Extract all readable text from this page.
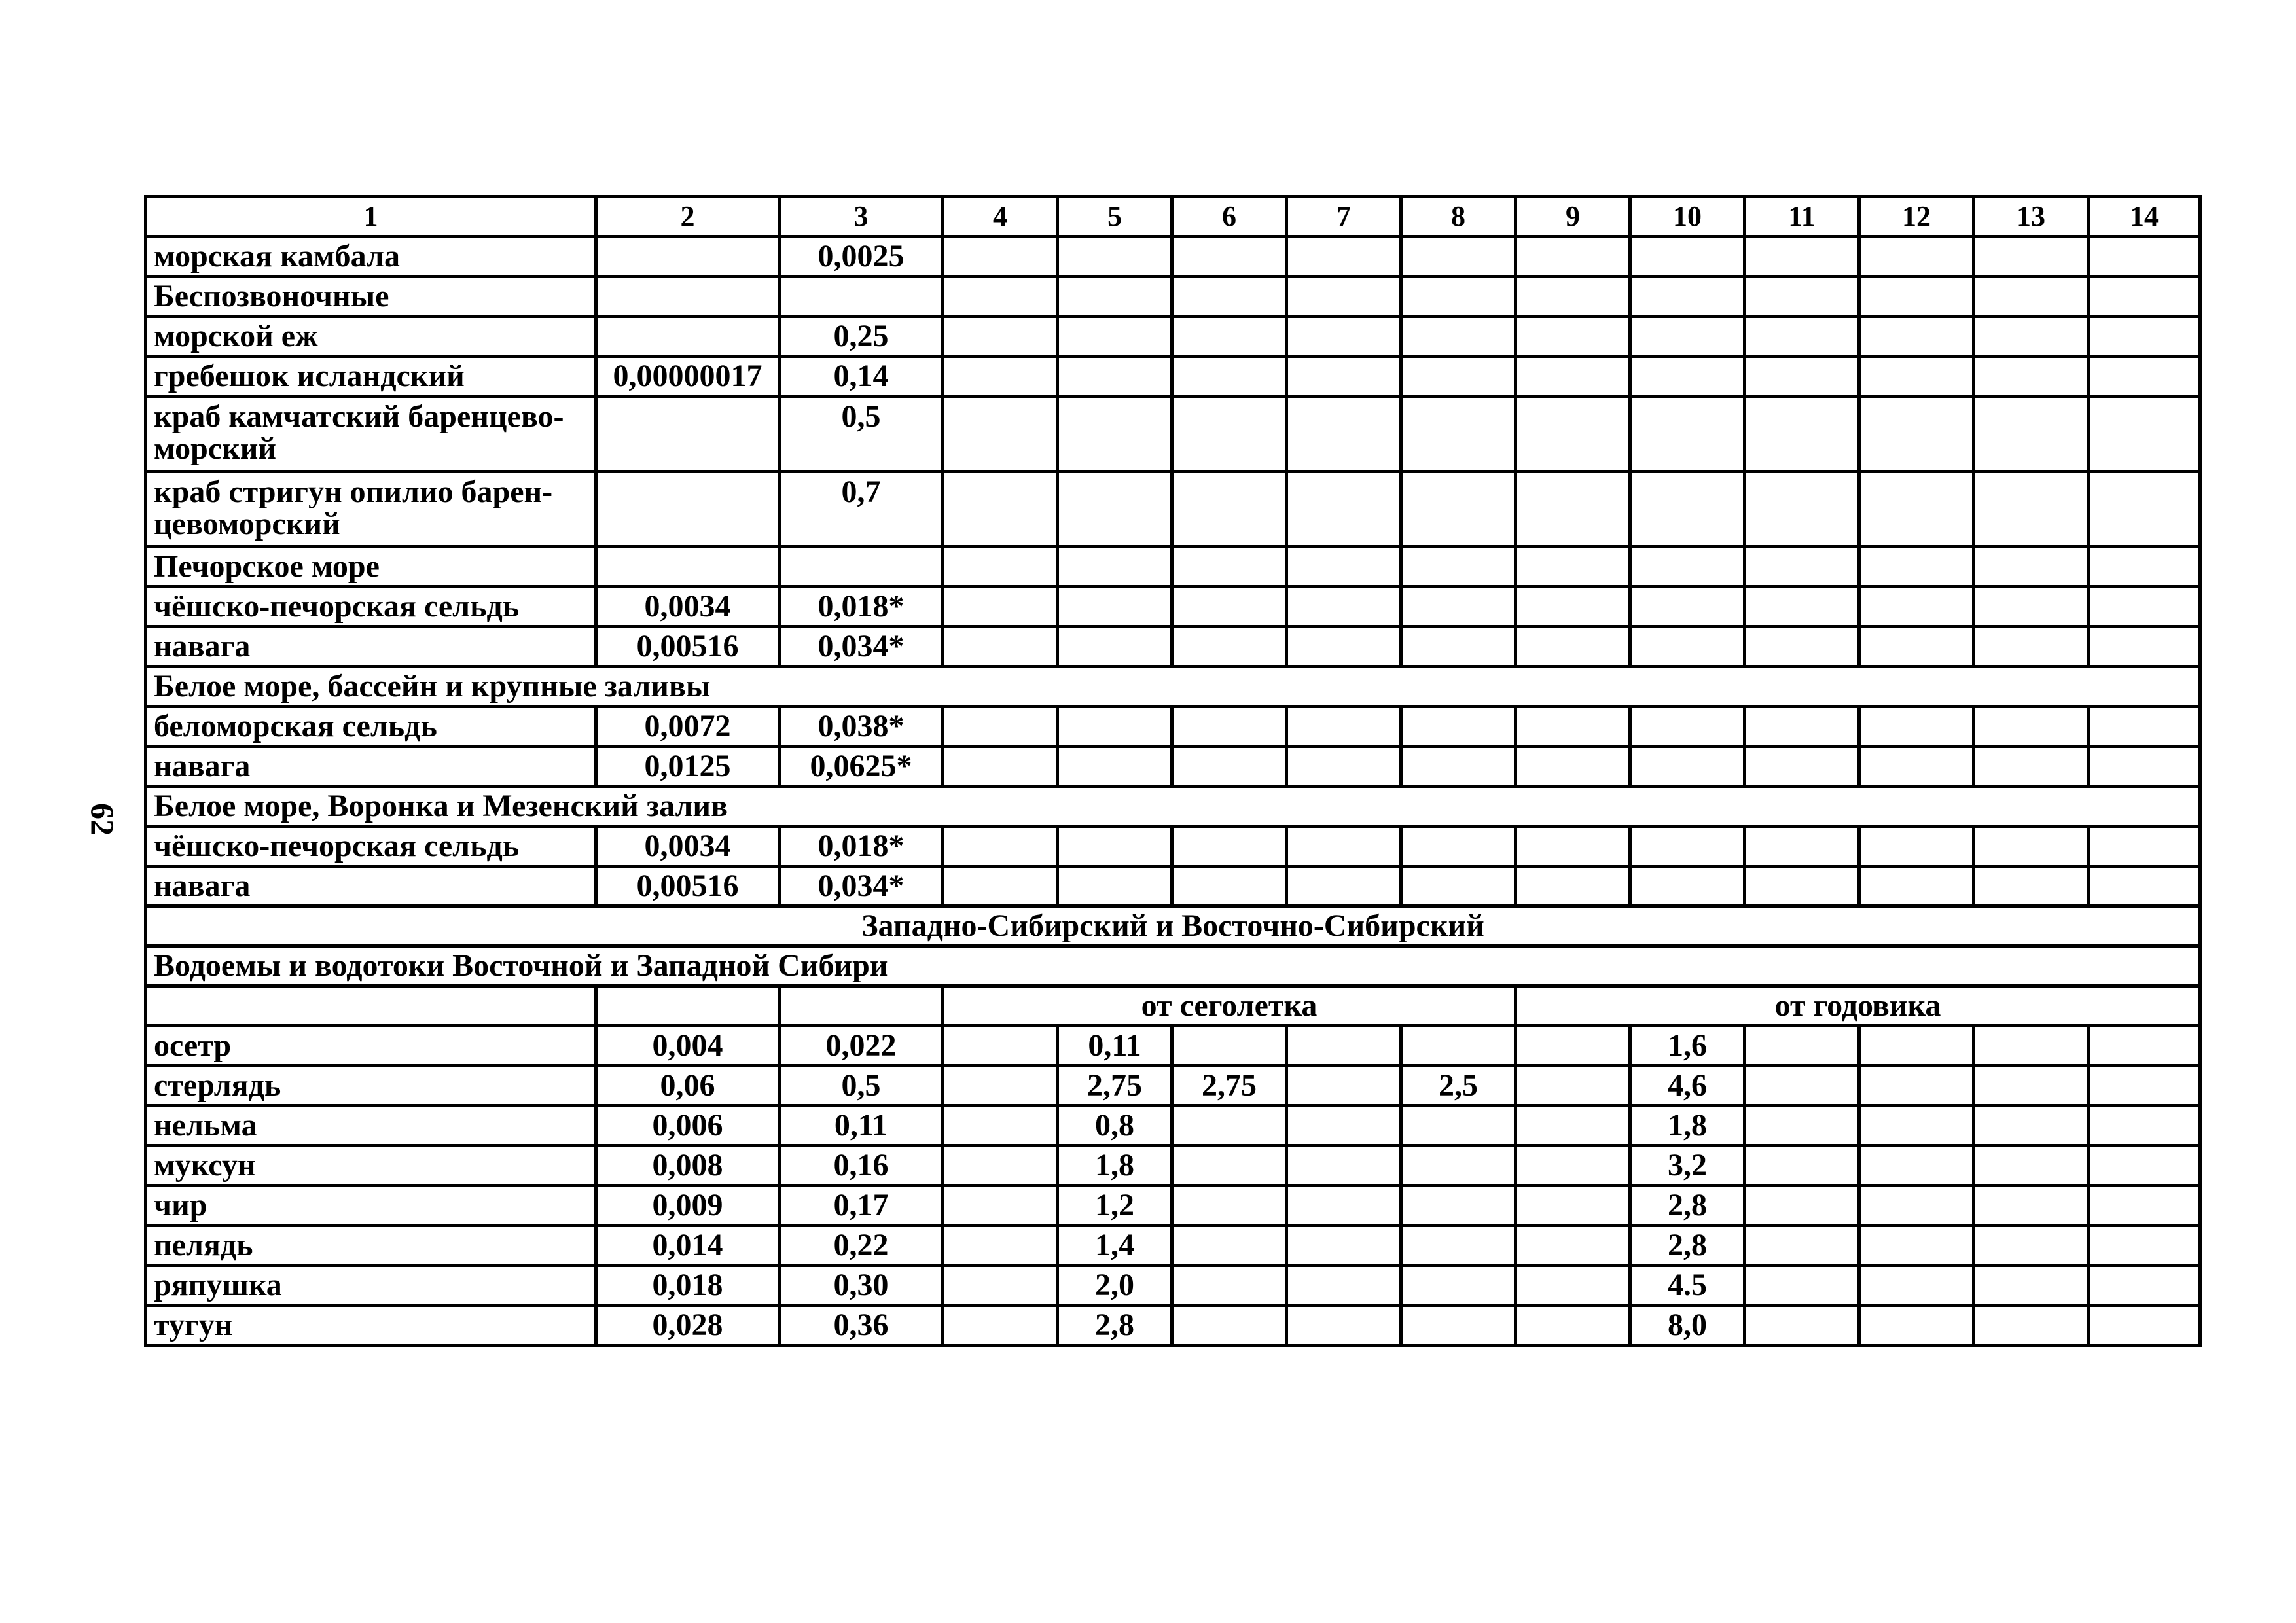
62
1	2	3	4	5	6	7	8	9	10	11	12	13	14
морская камбала		0,0025											
Беспозвоночные													
морской еж		0,25											
гребешок исландский	0,00000017	0,14											
краб камчатский баренцево-морский		0,5											
краб стригун опилио барен-цевоморский		0,7											
Печорское море													
чёшско-печорская сельдь	0,0034	0,018*											
навага	0,00516	0,034*											
Белое море, бассейн и крупные заливы													
беломорская сельдь	0,0072	0,038*											
навага	0,0125	0,0625*											
Белое море, Воронка и Мезенский залив													
чёшско-печорская сельдь	0,0034	0,018*											
навага	0,00516	0,034*											
Западно-Сибирский и Восточно-Сибирский													
Водоемы и водотоки Восточной и Западной Сибири													
			от сеголетка					от годовика					
осетр	0,004	0,022		0,11					1,6				
стерлядь	0,06	0,5		2,75	2,75		2,5		4,6				
нельма	0,006	0,11		0,8					1,8				
муксун	0,008	0,16		1,8					3,2				
чир	0,009	0,17		1,2					2,8				
пелядь	0,014	0,22		1,4					2,8				
ряпушка	0,018	0,30		2,0					4.5				
тугун	0,028	0,36		2,8					8,0				
